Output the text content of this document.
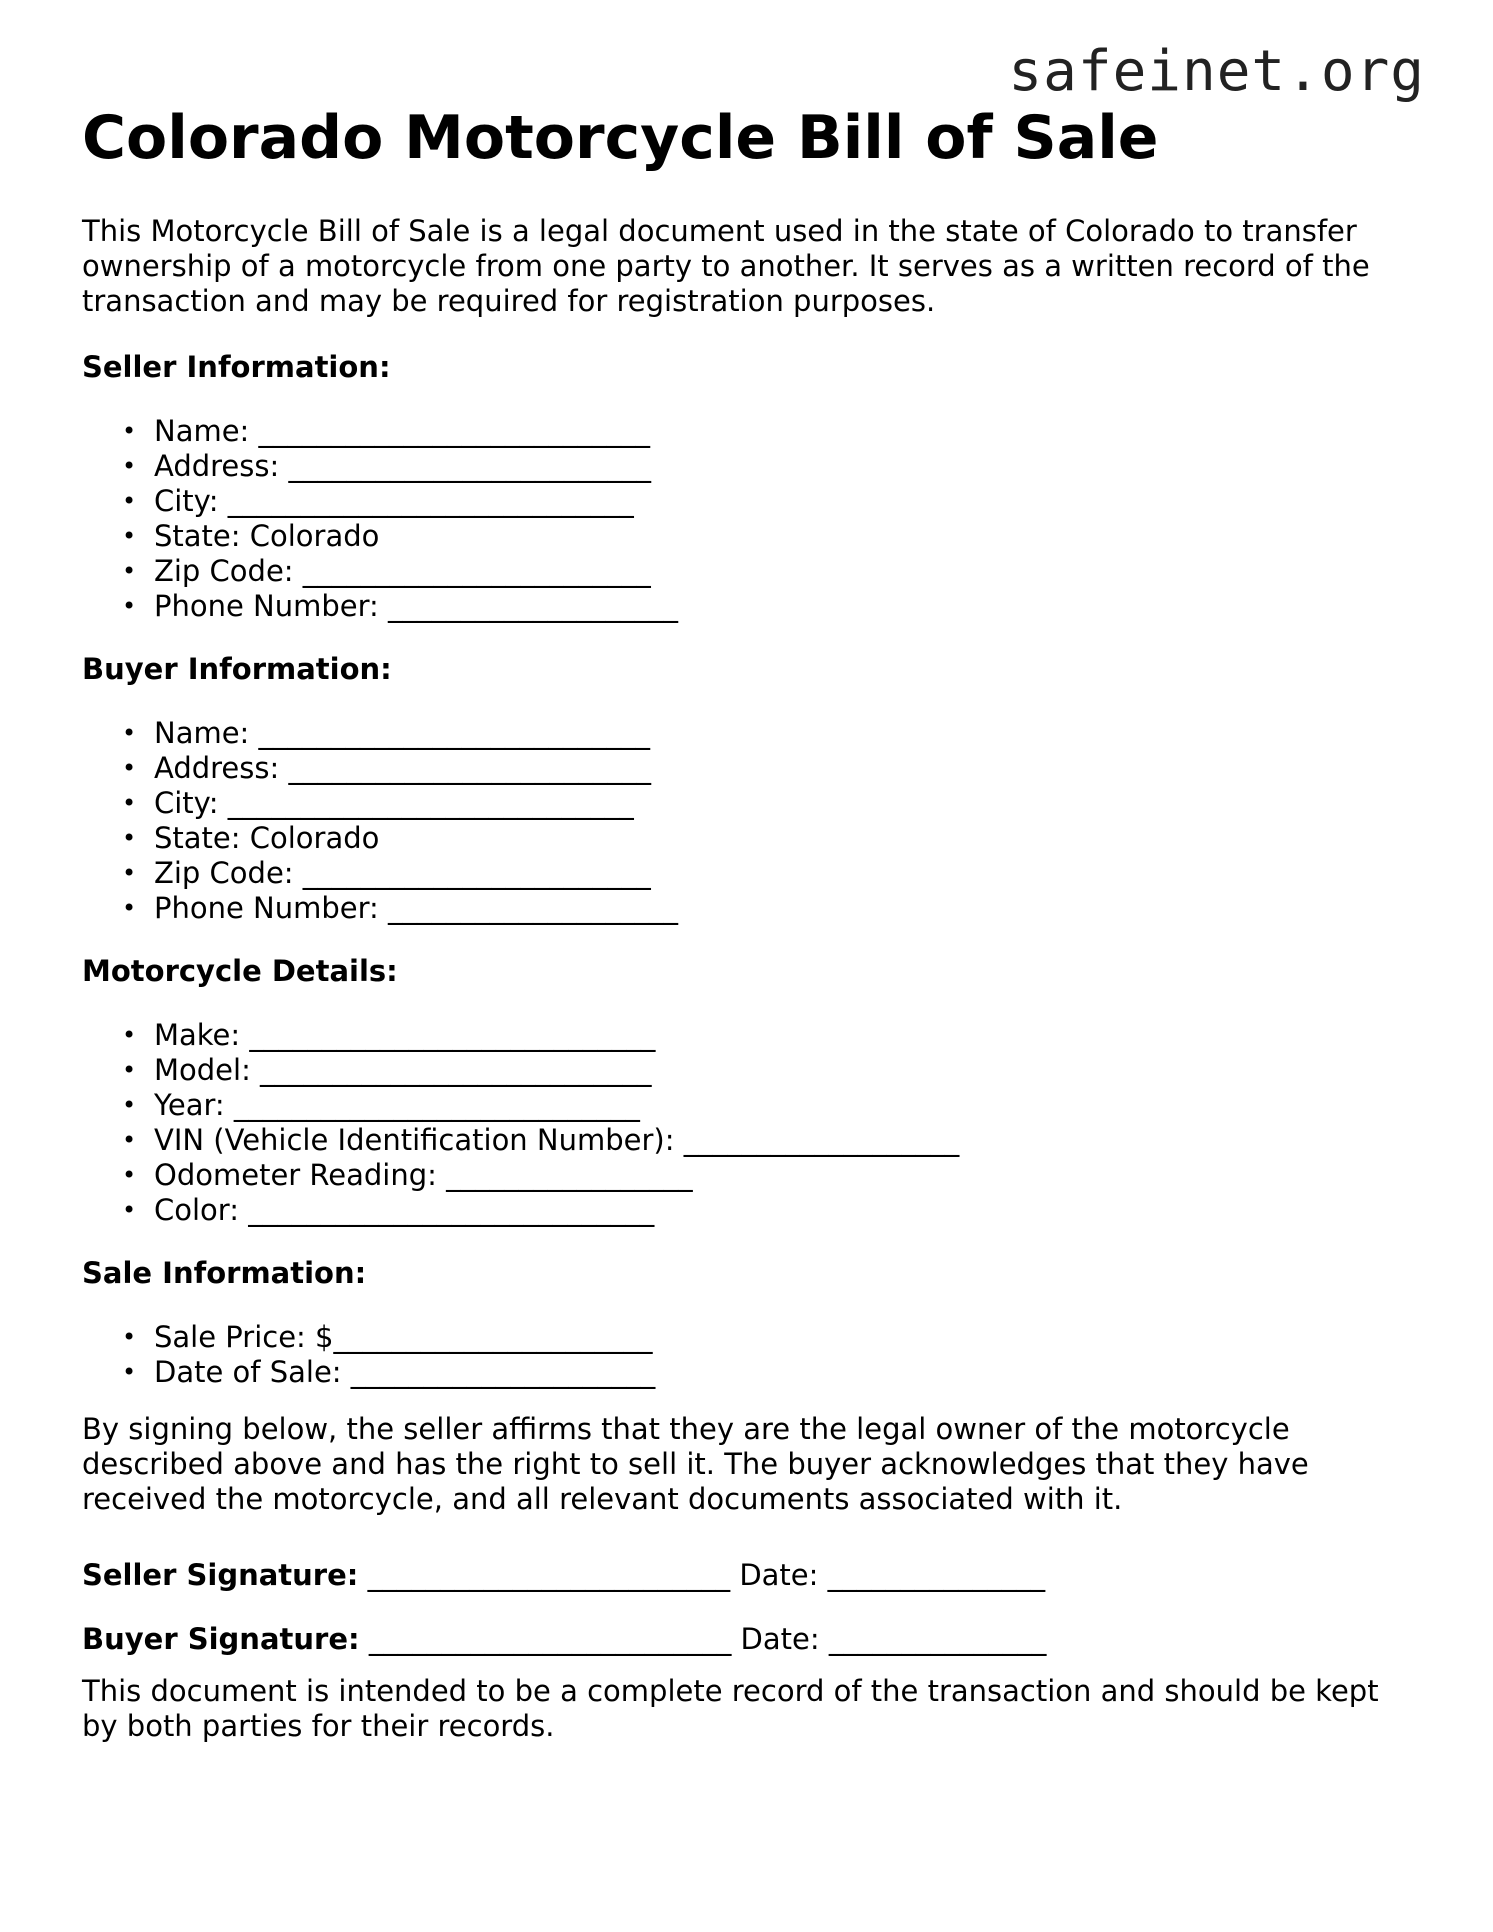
safeinet.org
Colorado Motorcycle Bill of Sale

This Motorcycle Bill of Sale is a legal document used in the state of Colorado to transfer ownership of a motorcycle from one party to another. It serves as a written record of the transaction and may be required for registration purposes.

Seller Information:
• Name: ___________________________
• Address: _________________________
• City: ____________________________
• State: Colorado
• Zip Code: ________________________
• Phone Number: ____________________
Buyer Information:
• Name: ___________________________
• Address: _________________________
• City: ____________________________
• State: Colorado
• Zip Code: ________________________
• Phone Number: ____________________
Motorcycle Details:
• Make: ____________________________
• Model: ___________________________
• Year: ____________________________
• VIN (Vehicle Identification Number): ___________________
• Odometer Reading: _________________
• Color: ____________________________
Sale Information:
• Sale Price: $______________________
• Date of Sale: _____________________

By signing below, the seller affirms that they are the legal owner of the motorcycle described above and has the right to sell it. The buyer acknowledges that they have received the motorcycle, and all relevant documents associated with it.

Seller Signature: _________________________ Date: _______________

Buyer Signature: _________________________ Date: _______________

This document is intended to be a complete record of the transaction and should be kept by both parties for their records.
